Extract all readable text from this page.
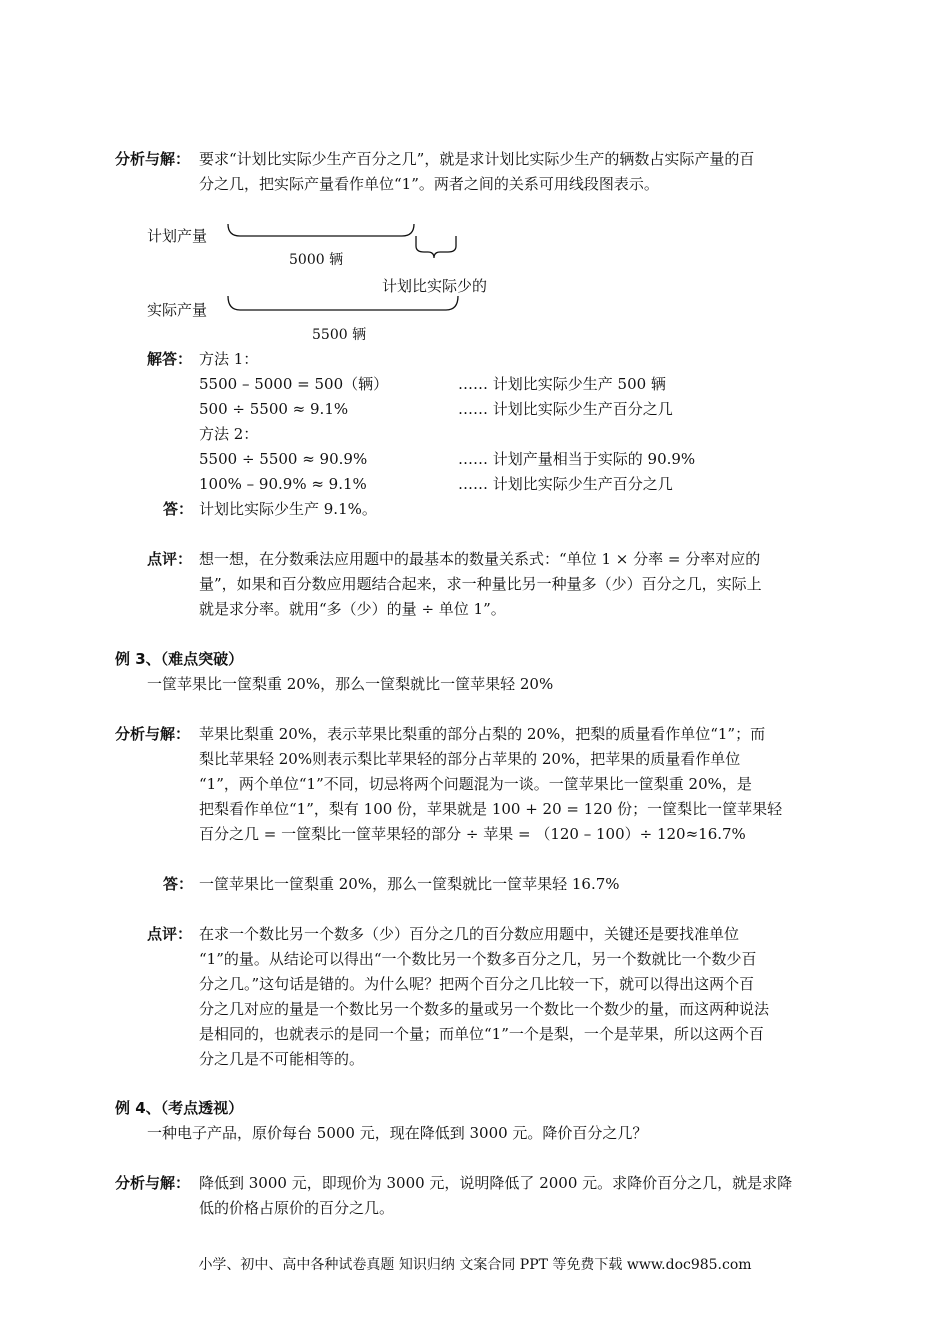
分析与解： 要求“计划比实际少生产百分之几”，就是求计划比实际少生产的辆数占实际产量的百
分之几，把实际产量看作单位“1”。两者之间的关系可用线段图表示。
计划产量
5000 辆
计划比实际少的
实际产量
5500 辆
解答： 方法 1：
5500 – 5000 = 500（辆）	…… 计划比实际少生产 500 辆
500 ÷ 5500 ≈ 9.1%	…… 计划比实际少生产百分之几
方法 2：
5500 ÷ 5500 ≈ 90.9%	…… 计划产量相当于实际的 90.9%
100% – 90.9% ≈ 9.1%	…… 计划比实际少生产百分之几
答： 计划比实际少生产 9.1%。
点评： 想一想，在分数乘法应用题中的最基本的数量关系式：“单位 1 × 分率 = 分率对应的
量”，如果和百分数应用题结合起来，求一种量比另一种量多（少）百分之几，实际上
就是求分率。就用“多（少）的量 ÷ 单位 1”。
例 3、（难点突破）
一筐苹果比一筐梨重 20%，那么一筐梨就比一筐苹果轻 20%
分析与解： 苹果比梨重 20%，表示苹果比梨重的部分占梨的 20%，把梨的质量看作单位“1”；而
梨比苹果轻 20%则表示梨比苹果轻的部分占苹果的 20%，把苹果的质量看作单位
“1”，两个单位“1”不同，切忌将两个问题混为一谈。一筐苹果比一筐梨重 20%，是
把梨看作单位“1”，梨有 100 份，苹果就是 100 + 20 = 120 份；一筐梨比一筐苹果轻
百分之几 = 一筐梨比一筐苹果轻的部分 ÷ 苹果 = （120 – 100）÷ 120≈16.7%
答： 一筐苹果比一筐梨重 20%，那么一筐梨就比一筐苹果轻 16.7%
点评： 在求一个数比另一个数多（少）百分之几的百分数应用题中，关键还是要找准单位
“1”的量。从结论可以得出“一个数比另一个数多百分之几，另一个数就比一个数少百
分之几。”这句话是错的。为什么呢？把两个百分之几比较一下，就可以得出这两个百
分之几对应的量是一个数比另一个数多的量或另一个数比一个数少的量，而这两种说法
是相同的，也就表示的是同一个量；而单位“1”一个是梨，一个是苹果，所以这两个百
分之几是不可能相等的。
例 4、（考点透视）
一种电子产品，原价每台 5000 元，现在降低到 3000 元。降价百分之几？
分析与解： 降低到 3000 元，即现价为 3000 元，说明降低了 2000 元。求降价百分之几，就是求降
低的价格占原价的百分之几。
小学、初中、高中各种试卷真题 知识归纳 文案合同 PPT 等免费下载 www.doc985.com
